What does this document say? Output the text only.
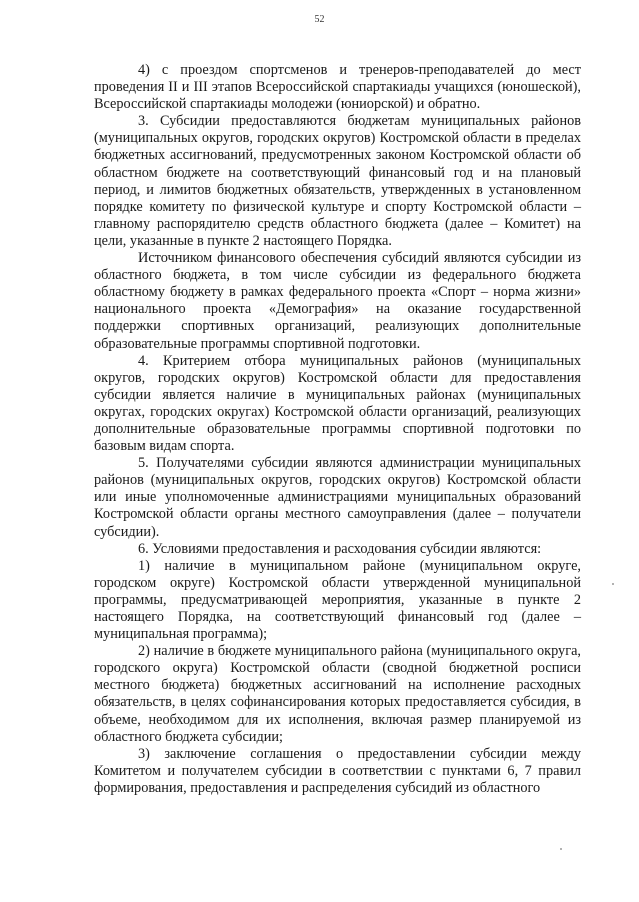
52

4) с проездом спортсменов и тренеров-преподавателей до мест проведения II и III этапов Всероссийской спартакиады учащихся (юношеской), Всероссийской спартакиады молодежи (юниорской) и обратно.

3. Субсидии предоставляются бюджетам муниципальных районов (муниципальных округов, городских округов) Костромской области в пределах бюджетных ассигнований, предусмотренных законом Костромской области об областном бюджете на соответствующий финансовый год и на плановый период, и лимитов бюджетных обязательств, утвержденных в установленном порядке комитету по физической культуре и спорту Костромской области – главному распорядителю средств областного бюджета (далее – Комитет) на цели, указанные в пункте 2 настоящего Порядка.

Источником финансового обеспечения субсидий являются субсидии из областного бюджета, в том числе субсидии из федерального бюджета областному бюджету в рамках федерального проекта «Спорт – норма жизни» национального проекта «Демография» на оказание государственной поддержки спортивных организаций, реализующих дополнительные образовательные программы спортивной подготовки.

4. Критерием отбора муниципальных районов (муниципальных округов, городских округов) Костромской области для предоставления субсидии является наличие в муниципальных районах (муниципальных округах, городских округах) Костромской области организаций, реализующих дополнительные образовательные программы спортивной подготовки по базовым видам спорта.

5. Получателями субсидии являются администрации муниципальных районов (муниципальных округов, городских округов) Костромской области или иные уполномоченные администрациями муниципальных образований Костромской области органы местного самоуправления (далее – получатели субсидии).

6. Условиями предоставления и расходования субсидии являются:

1) наличие в муниципальном районе (муниципальном округе, городском округе) Костромской области утвержденной муниципальной программы, предусматривающей мероприятия, указанные в пункте 2 настоящего Порядка, на соответствующий финансовый год (далее – муниципальная программа);

2) наличие в бюджете муниципального района (муниципального округа, городского округа) Костромской области (сводной бюджетной росписи местного бюджета) бюджетных ассигнований на исполнение расходных обязательств, в целях софинансирования которых предоставляется субсидия, в объеме, необходимом для их исполнения, включая размер планируемой из областного бюджета субсидии;

3) заключение соглашения о предоставлении субсидии между Комитетом и получателем субсидии в соответствии с пунктами 6, 7 правил формирования, предоставления и распределения субсидий из областного
